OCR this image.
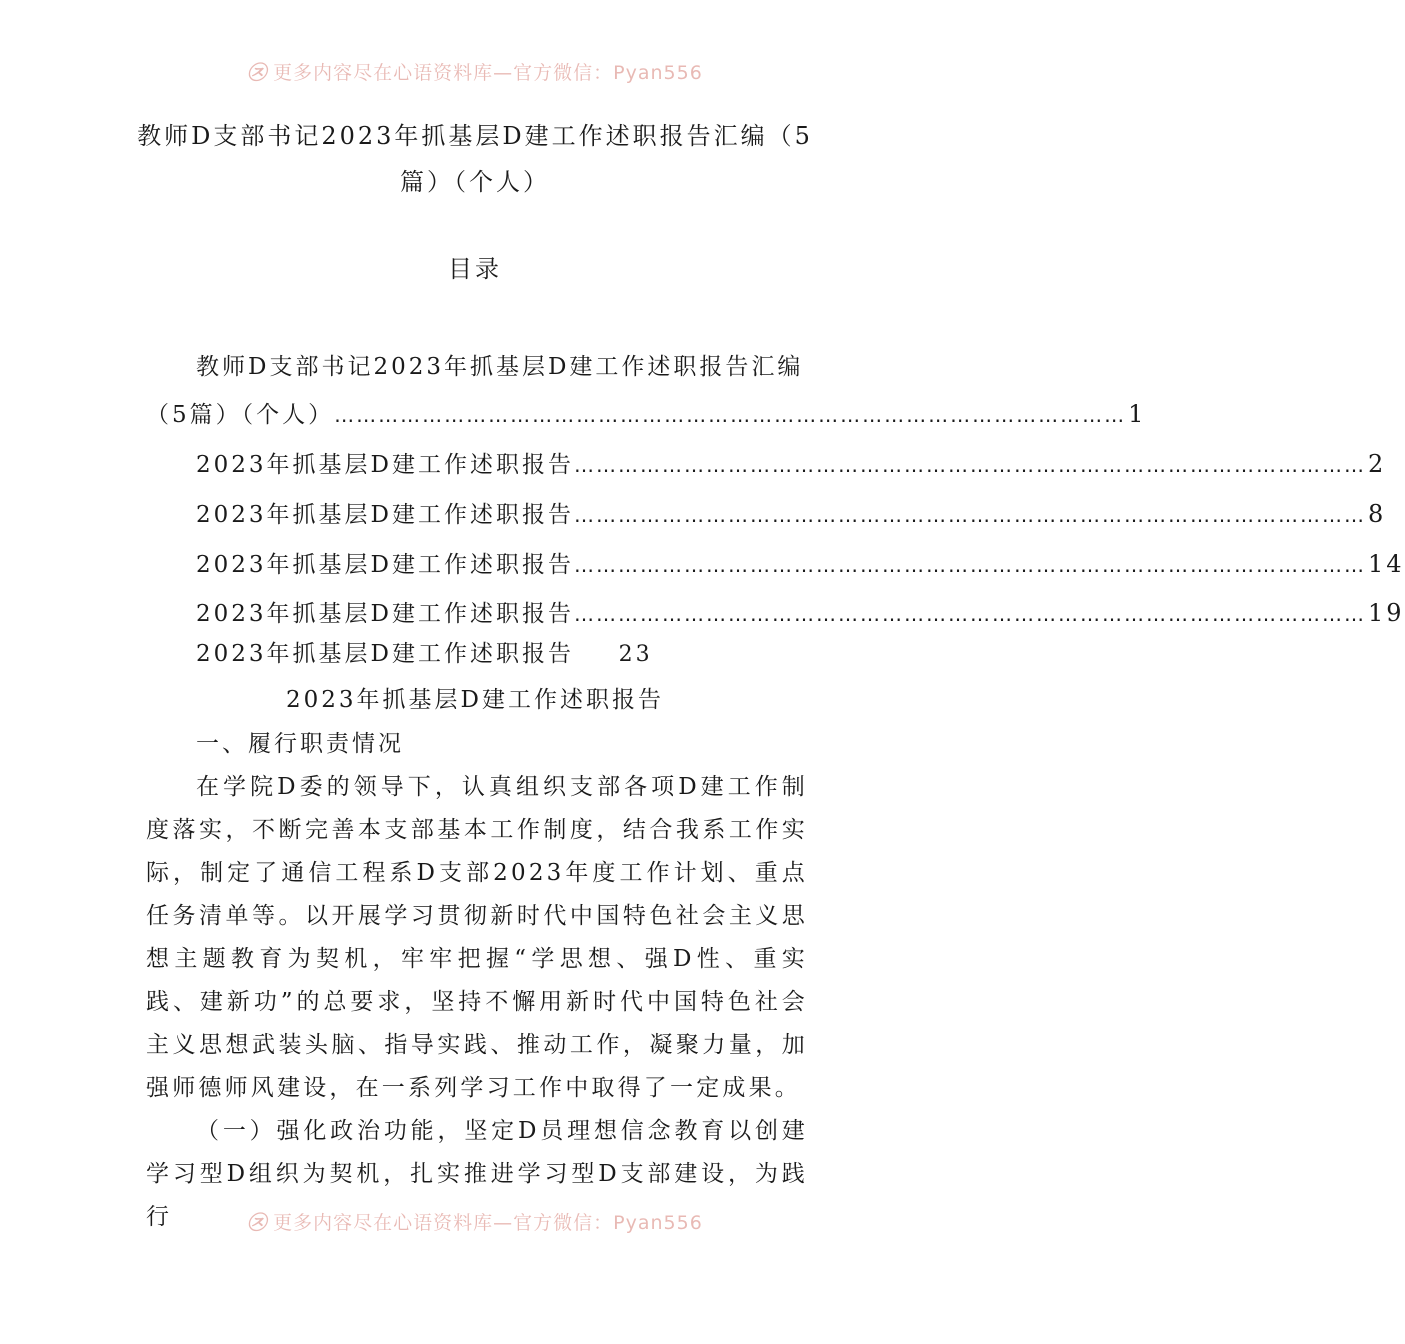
㉨ 更多内容尽在心语资料库—官方微信：Pyan556
教师D支部书记2023年抓基层D建工作述职报告汇编（5
篇）（个人）
目录
教师D支部书记2023年抓基层D建工作述职报告汇编
（5篇）（个人） ……………………………………………………………………………………………… 1
2023年抓基层D建工作述职报告 ……………………………………………………………………………………………… 2
2023年抓基层D建工作述职报告 ……………………………………………………………………………………………… 8
2023年抓基层D建工作述职报告 ……………………………………………………………………………………………… 14
2023年抓基层D建工作述职报告 ……………………………………………………………………………………………… 19
2023年抓基层D建工作述职报告 23
2023年抓基层D建工作述职报告
一、履行职责情况

在学院D委的领导下，认真组织支部各项D建工作制度落实，不断完善本支部基本工作制度，结合我系工作实际，制定了通信工程系D支部2023年度工作计划、重点任务清单等。以开展学习贯彻新时代中国特色社会主义思想主题教育为契机，牢牢把握“学思想、强D性、重实践、建新功”的总要求，坚持不懈用新时代中国特色社会主义思想武装头脑、指导实践、推动工作，凝聚力量，加强师德师风建设，在一系列学习工作中取得了一定成果。

（一）强化政治功能，坚定D员理想信念教育以创建学习型D组织为契机，扎实推进学习型D支部建设，为践行	㉨ 更多内容尽在心语资料库—官方微信：Pyan556
